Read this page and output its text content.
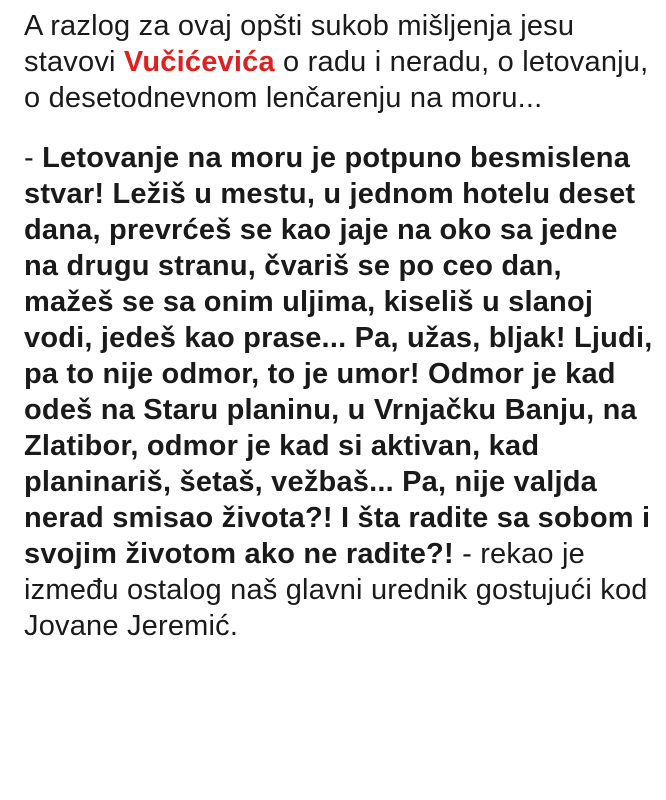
A razlog za ovaj opšti sukob mišljenja jesu stavovi Vučićevića o radu i neradu, o letovanju, o desetodnevnom lenčarenju na moru...

- Letovanje na moru je potpuno besmislena stvar! Ležiš u mestu, u jednom hotelu deset dana, prevrćeš se kao jaje na oko sa jedne na drugu stranu, čvariš se po ceo dan, mažeš se sa onim uljima, kiseliš u slanoj vodi, jedeš kao prase... Pa, užas, bljak! Ljudi, pa to nije odmor, to je umor! Odmor je kad odeš na Staru planinu, u Vrnjačku Banju, na Zlatibor, odmor je kad si aktivan, kad planinariš, šetaš, vežbaš... Pa, nije valjda nerad smisao života?! I šta radite sa sobom i svojim životom ako ne radite?! - rekao je između ostalog naš glavni urednik gostujući kod Jovane Jeremić.
